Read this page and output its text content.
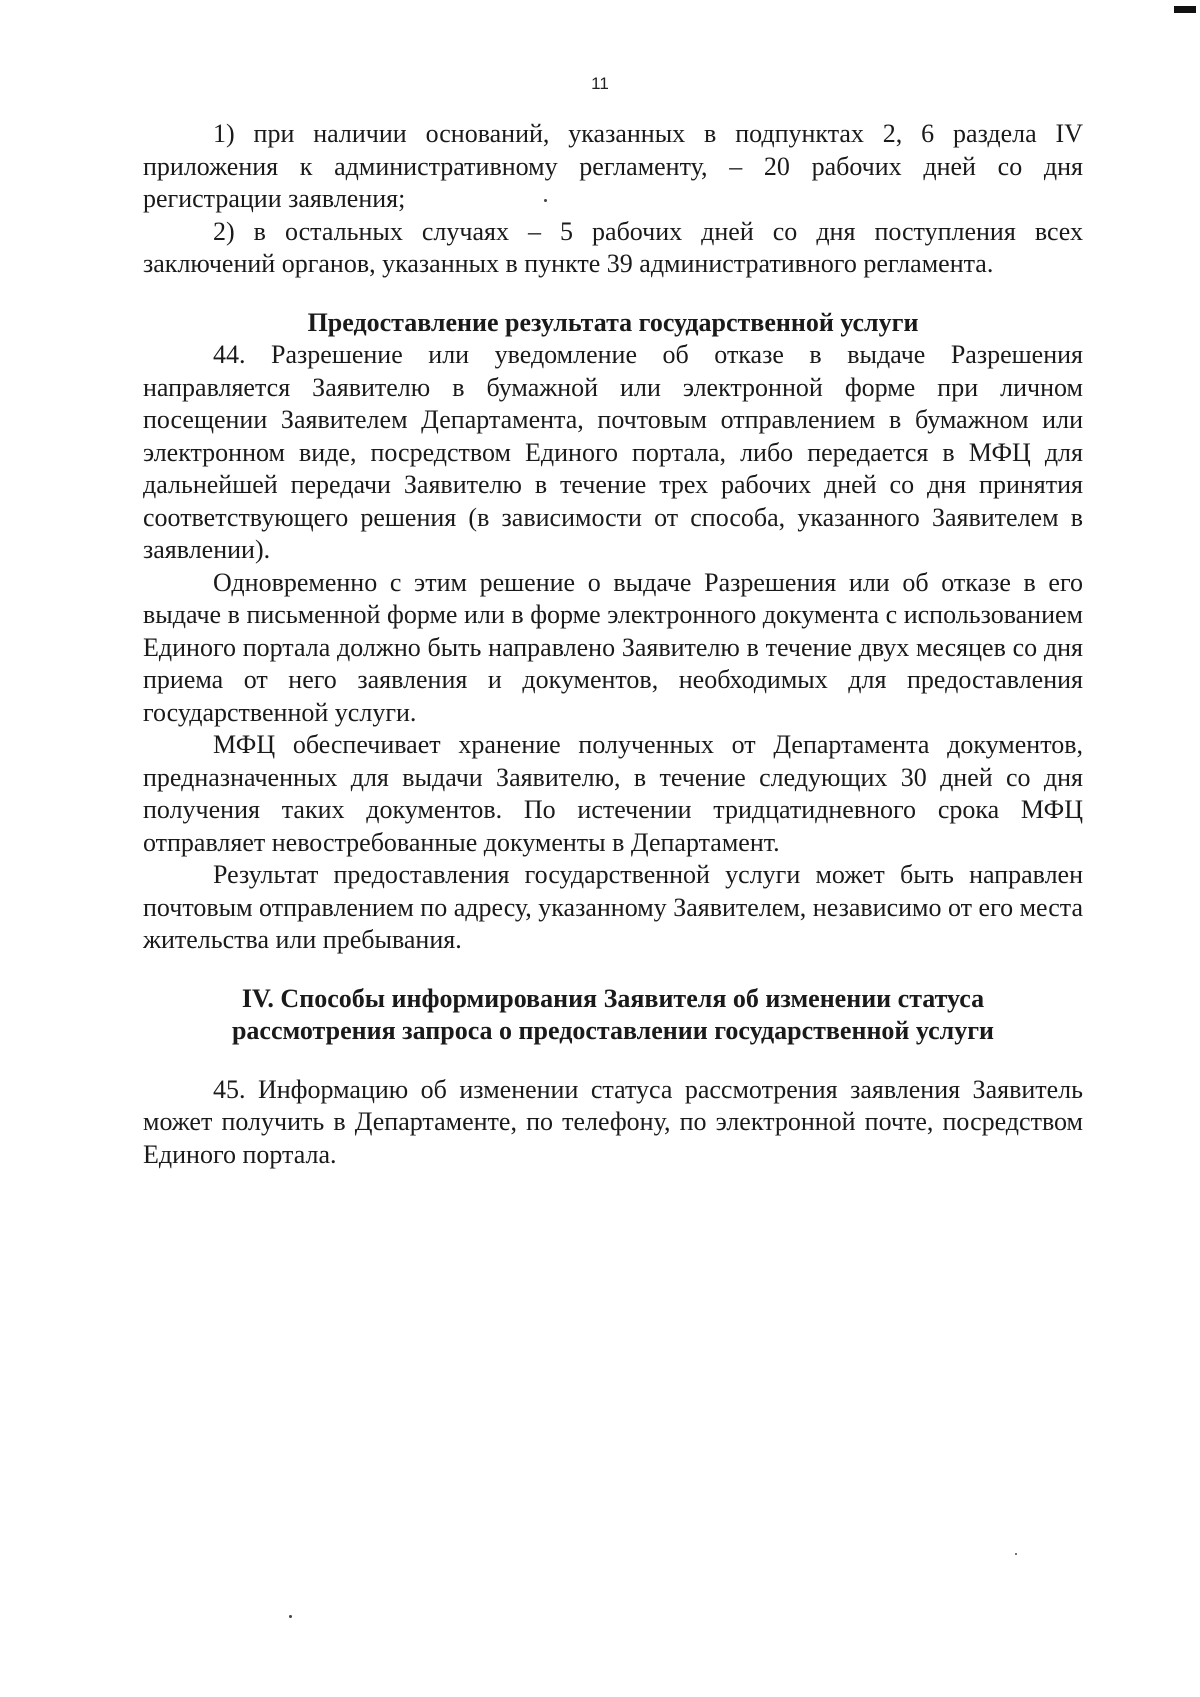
11

1) при наличии оснований, указанных в подпунктах 2, 6 раздела IV приложения к административному регламенту, – 20 рабочих дней со дня регистрации заявления;

2) в остальных случаях – 5 рабочих дней со дня поступления всех заключений органов, указанных в пункте 39 административного регламента.

Предоставление результата государственной услуги

44. Разрешение или уведомление об отказе в выдаче Разрешения направляется Заявителю в бумажной или электронной форме при личном посещении Заявителем Департамента, почтовым отправлением в бумажном или электронном виде, посредством Единого портала, либо передается в МФЦ для дальнейшей передачи Заявителю в течение трех рабочих дней со дня принятия соответствующего решения (в зависимости от способа, указанного Заявителем в заявлении).

Одновременно с этим решение о выдаче Разрешения или об отказе в его выдаче в письменной форме или в форме электронного документа с использованием Единого портала должно быть направлено Заявителю в течение двух месяцев со дня приема от него заявления и документов, необходимых для предоставления государственной услуги.

МФЦ обеспечивает хранение полученных от Департамента документов, предназначенных для выдачи Заявителю, в течение следующих 30 дней со дня получения таких документов. По истечении тридцатидневного срока МФЦ отправляет невостребованные документы в Департамент.

Результат предоставления государственной услуги может быть направлен почтовым отправлением по адресу, указанному Заявителем, независимо от его места жительства или пребывания.

IV. Способы информирования Заявителя об изменении статуса
рассмотрения запроса о предоставлении государственной услуги

45. Информацию об изменении статуса рассмотрения заявления Заявитель может получить в Департаменте, по телефону, по электронной почте, посредством Единого портала.
